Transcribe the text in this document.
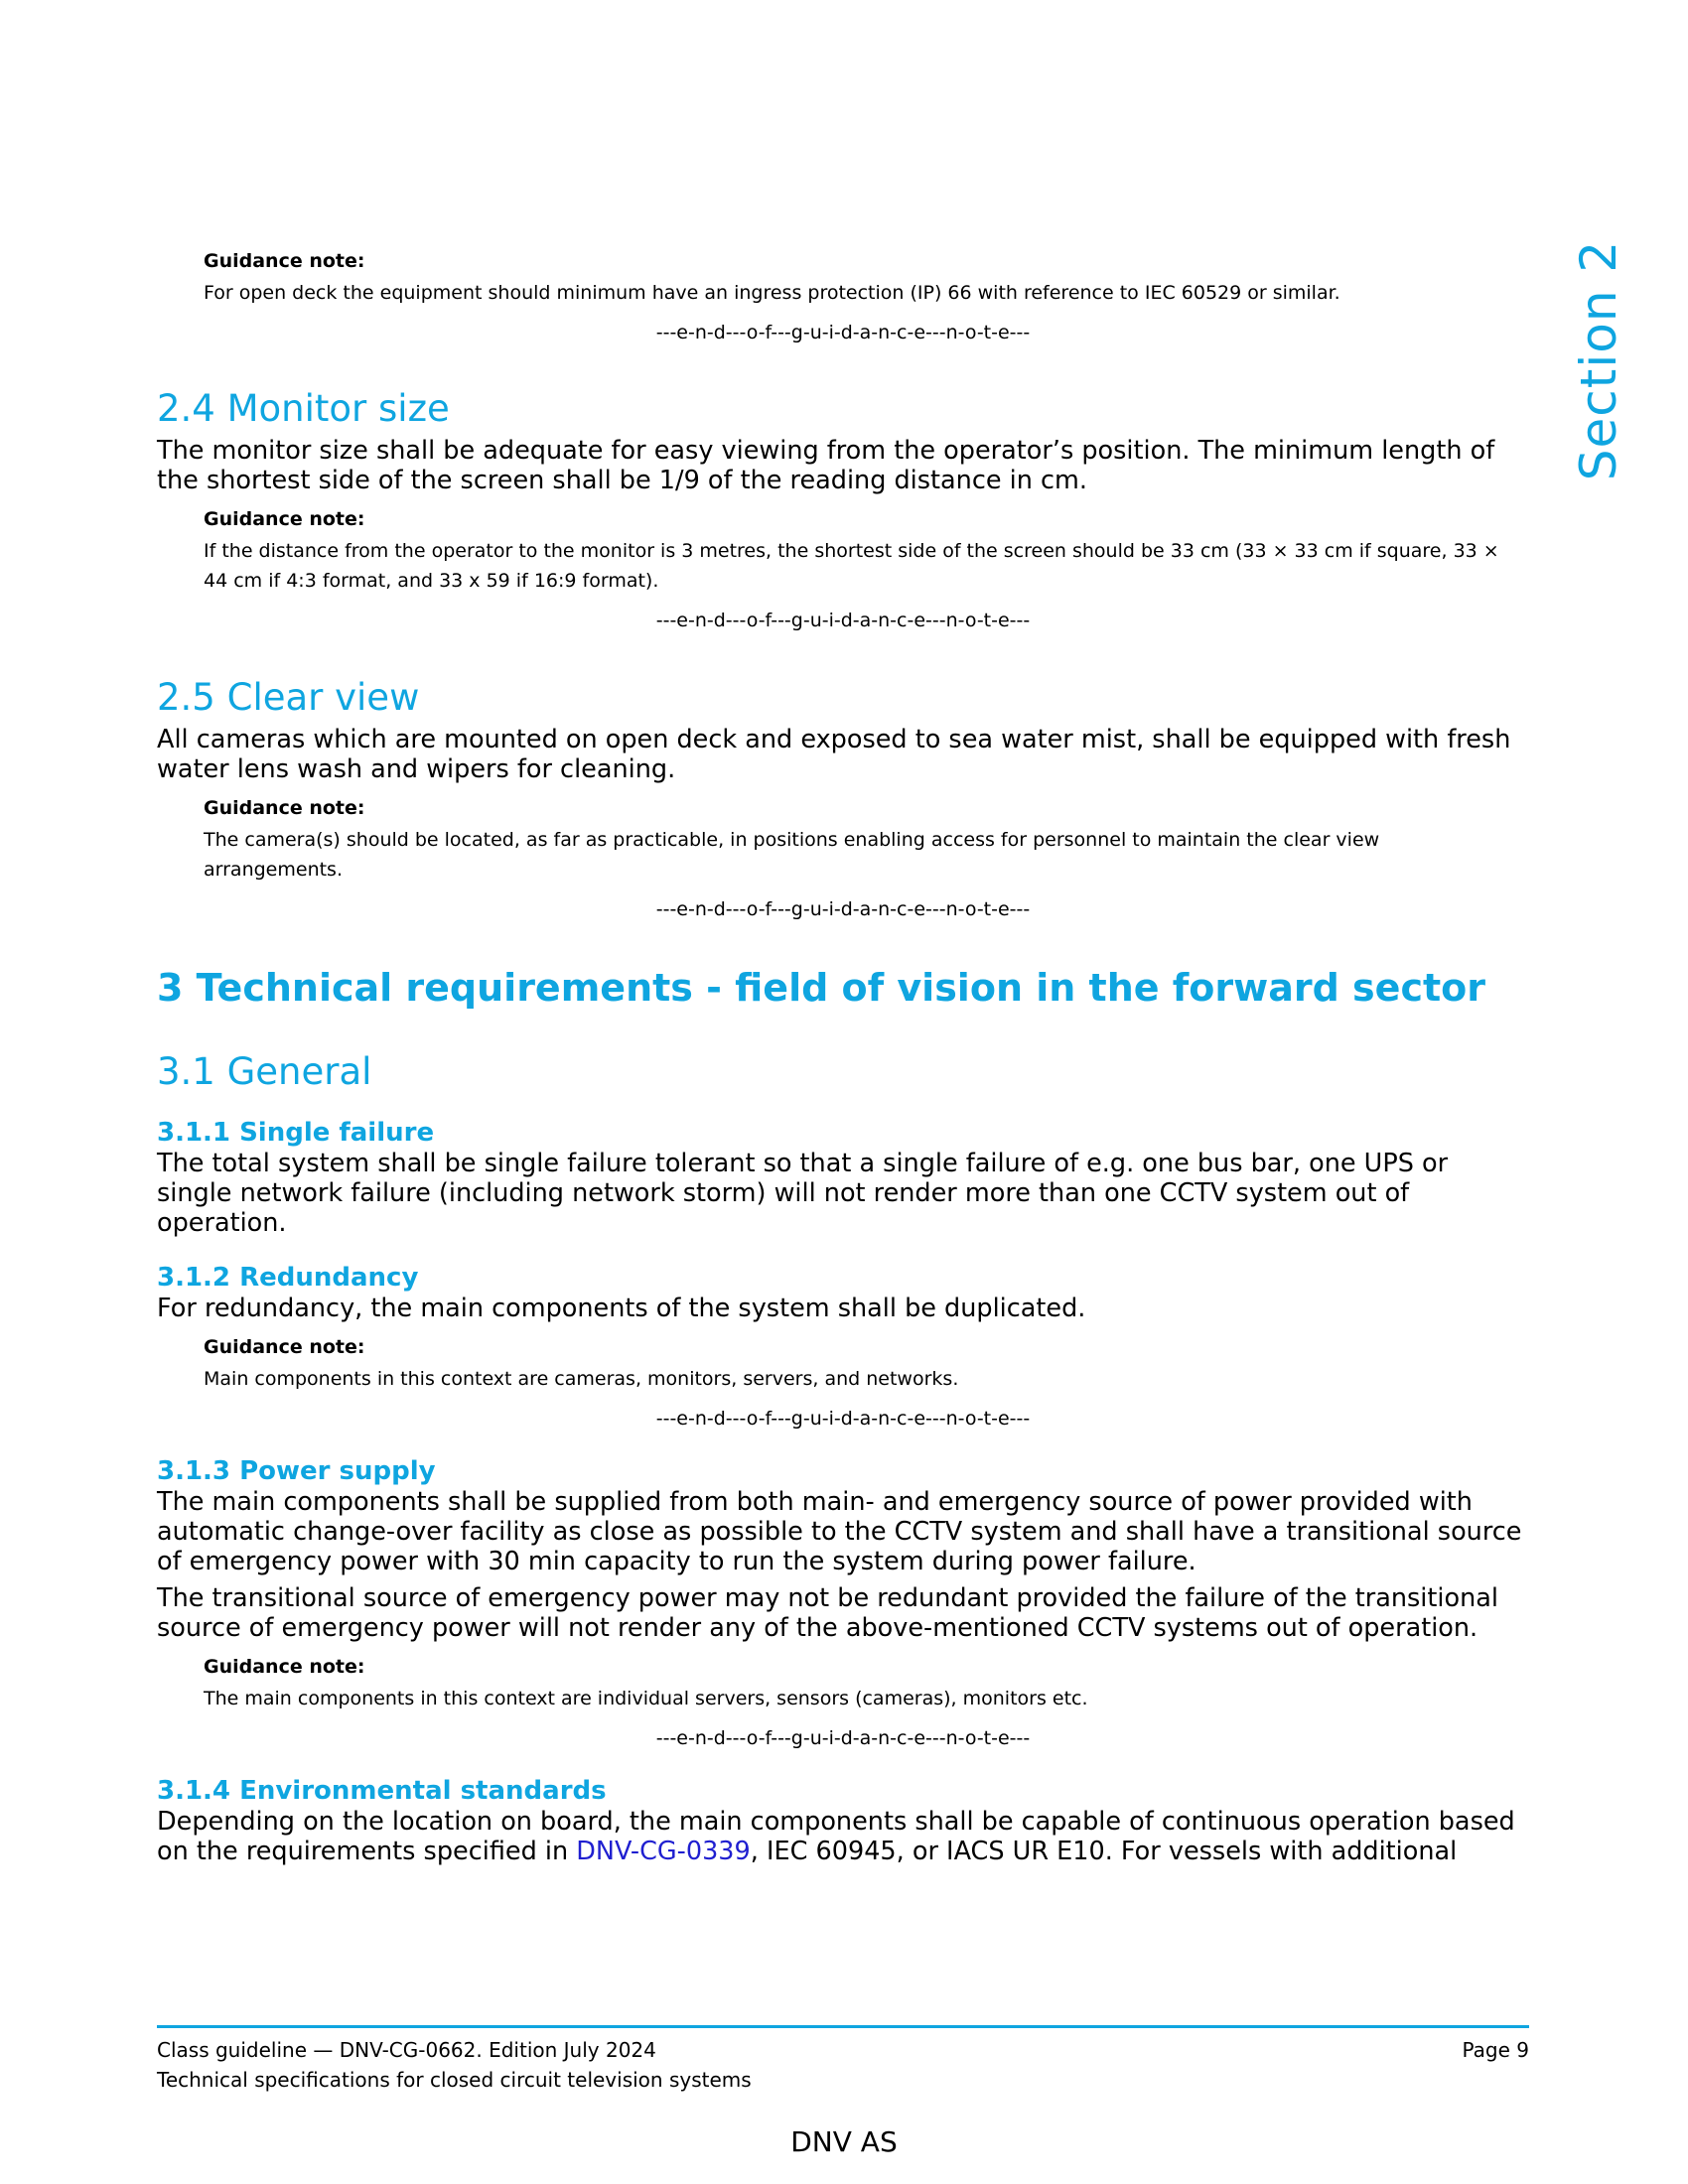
Section 2

Guidance note:

For open deck the equipment should minimum have an ingress protection (IP) 66 with reference to IEC 60529 or similar.

---e-n-d---o-f---g-u-i-d-a-n-c-e---n-o-t-e---

2.4 Monitor size

The monitor size shall be adequate for easy viewing from the operator’s position. The minimum length of the shortest side of the screen shall be 1/9 of the reading distance in cm.

Guidance note:

If the distance from the operator to the monitor is 3 metres, the shortest side of the screen should be 33 cm (33 × 33 cm if square, 33 × 44 cm if 4:3 format, and 33 x 59 if 16:9 format).

---e-n-d---o-f---g-u-i-d-a-n-c-e---n-o-t-e---

2.5 Clear view

All cameras which are mounted on open deck and exposed to sea water mist, shall be equipped with fresh water lens wash and wipers for cleaning.

Guidance note:

The camera(s) should be located, as far as practicable, in positions enabling access for personnel to maintain the clear view arrangements.

---e-n-d---o-f---g-u-i-d-a-n-c-e---n-o-t-e---

3 Technical requirements - field of vision in the forward sector
3.1 General
3.1.1 Single failure

The total system shall be single failure tolerant so that a single failure of e.g. one bus bar, one UPS or single network failure (including network storm) will not render more than one CCTV system out of operation.

3.1.2 Redundancy

For redundancy, the main components of the system shall be duplicated.

Guidance note:

Main components in this context are cameras, monitors, servers, and networks.

---e-n-d---o-f---g-u-i-d-a-n-c-e---n-o-t-e---

3.1.3 Power supply

The main components shall be supplied from both main- and emergency source of power provided with automatic change-over facility as close as possible to the CCTV system and shall have a transitional source of emergency power with 30 min capacity to run the system during power failure.

The transitional source of emergency power may not be redundant provided the failure of the transitional source of emergency power will not render any of the above-mentioned CCTV systems out of operation.

Guidance note:

The main components in this context are individual servers, sensors (cameras), monitors etc.

---e-n-d---o-f---g-u-i-d-a-n-c-e---n-o-t-e---

3.1.4 Environmental standards

Depending on the location on board, the main components shall be capable of continuous operation based on the requirements specified in DNV-CG-0339, IEC 60945, or IACS UR E10. For vessels with additional

Class guideline — DNV-CG-0662. Edition July 2024	Page 9
Technical specifications for closed circuit television systems
DNV AS
